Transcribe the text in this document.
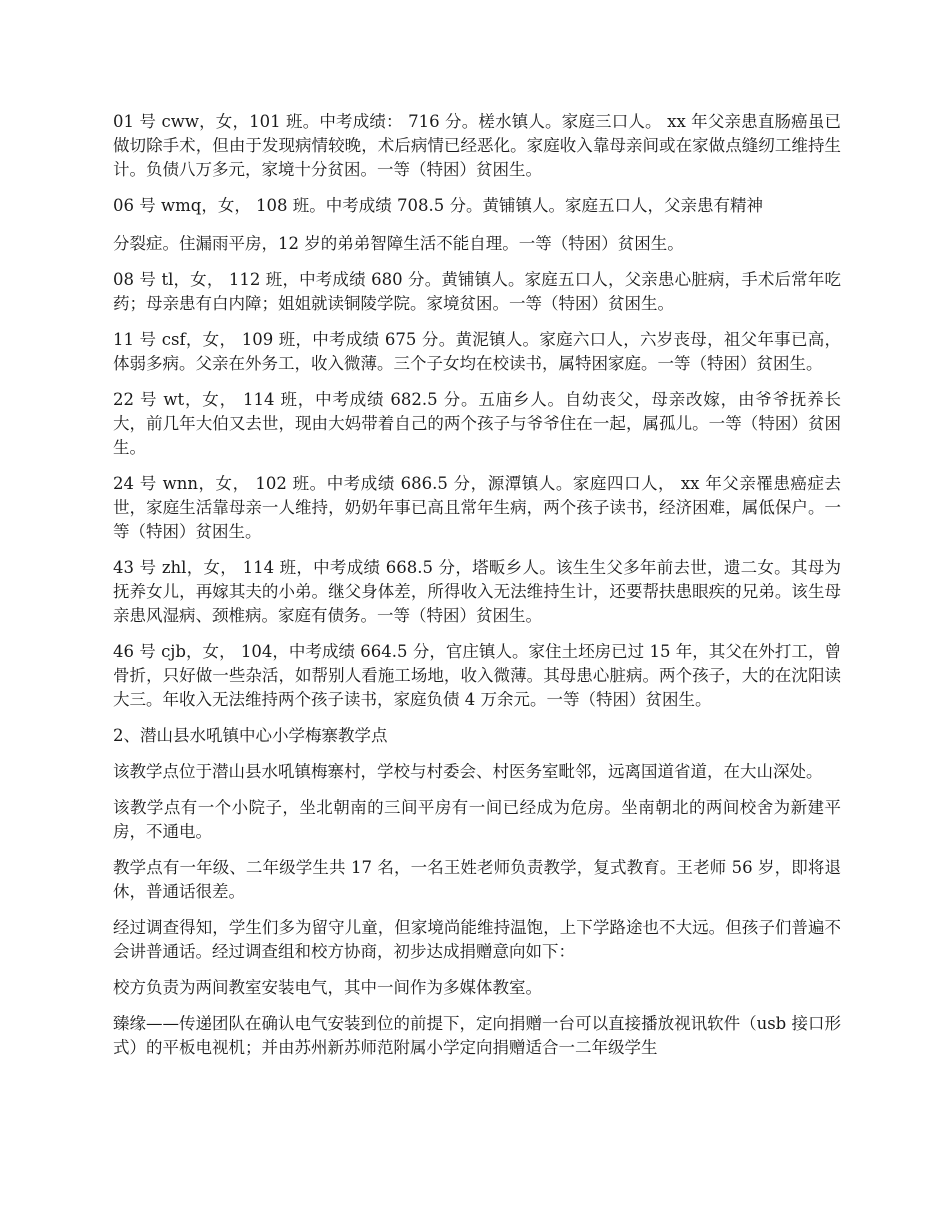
01 号 cww，女，101 班。中考成绩： 716 分。槎水镇人。家庭三口人。 xx 年父亲患直肠癌虽已做切除手术，但由于发现病情较晚，术后病情已经恶化。家庭收入靠母亲间或在家做点缝纫工维持生计。负债八万多元，家境十分贫困。一等（特困）贫困生。

06 号 wmq，女， 108 班。中考成绩 708.5 分。黄铺镇人。家庭五口人，父亲患有精神

分裂症。住漏雨平房，12 岁的弟弟智障生活不能自理。一等（特困）贫困生。

08 号 tl，女， 112 班，中考成绩 680 分。黄铺镇人。家庭五口人，父亲患心脏病，手术后常年吃药；母亲患有白内障；姐姐就读铜陵学院。家境贫困。一等（特困）贫困生。

11 号 csf，女， 109 班，中考成绩 675 分。黄泥镇人。家庭六口人，六岁丧母，祖父年事已高，体弱多病。父亲在外务工，收入微薄。三个子女均在校读书，属特困家庭。一等（特困）贫困生。

22 号 wt，女， 114 班，中考成绩 682.5 分。五庙乡人。自幼丧父，母亲改嫁，由爷爷抚养长大，前几年大伯又去世，现由大妈带着自己的两个孩子与爷爷住在一起，属孤儿。一等（特困）贫困生。

24 号 wnn，女， 102 班。中考成绩 686.5 分，源潭镇人。家庭四口人， xx 年父亲罹患癌症去世，家庭生活靠母亲一人维持，奶奶年事已高且常年生病，两个孩子读书，经济困难，属低保户。一等（特困）贫困生。

43 号 zhl，女， 114 班，中考成绩 668.5 分，塔畈乡人。该生生父多年前去世，遗二女。其母为抚养女儿，再嫁其夫的小弟。继父身体差，所得收入无法维持生计，还要帮扶患眼疾的兄弟。该生母亲患风湿病、颈椎病。家庭有债务。一等（特困）贫困生。

46 号 cjb，女， 104，中考成绩 664.5 分，官庄镇人。家住土坯房已过 15 年，其父在外打工，曾骨折，只好做一些杂活，如帮别人看施工场地，收入微薄。其母患心脏病。两个孩子，大的在沈阳读大三。年收入无法维持两个孩子读书，家庭负债 4 万余元。一等（特困）贫困生。

2、潜山县水吼镇中心小学梅寨教学点

该教学点位于潜山县水吼镇梅寨村，学校与村委会、村医务室毗邻，远离国道省道，在大山深处。

该教学点有一个小院子，坐北朝南的三间平房有一间已经成为危房。坐南朝北的两间校舍为新建平房，不通电。

教学点有一年级、二年级学生共 17 名，一名王姓老师负责教学，复式教育。王老师 56 岁，即将退休，普通话很差。

经过调查得知，学生们多为留守儿童，但家境尚能维持温饱，上下学路途也不大远。但孩子们普遍不会讲普通话。经过调查组和校方协商，初步达成捐赠意向如下：

校方负责为两间教室安装电气，其中一间作为多媒体教室。

臻缘——传递团队在确认电气安装到位的前提下，定向捐赠一台可以直接播放视讯软件（usb 接口形式）的平板电视机；并由苏州新苏师范附属小学定向捐赠适合一二年级学生
